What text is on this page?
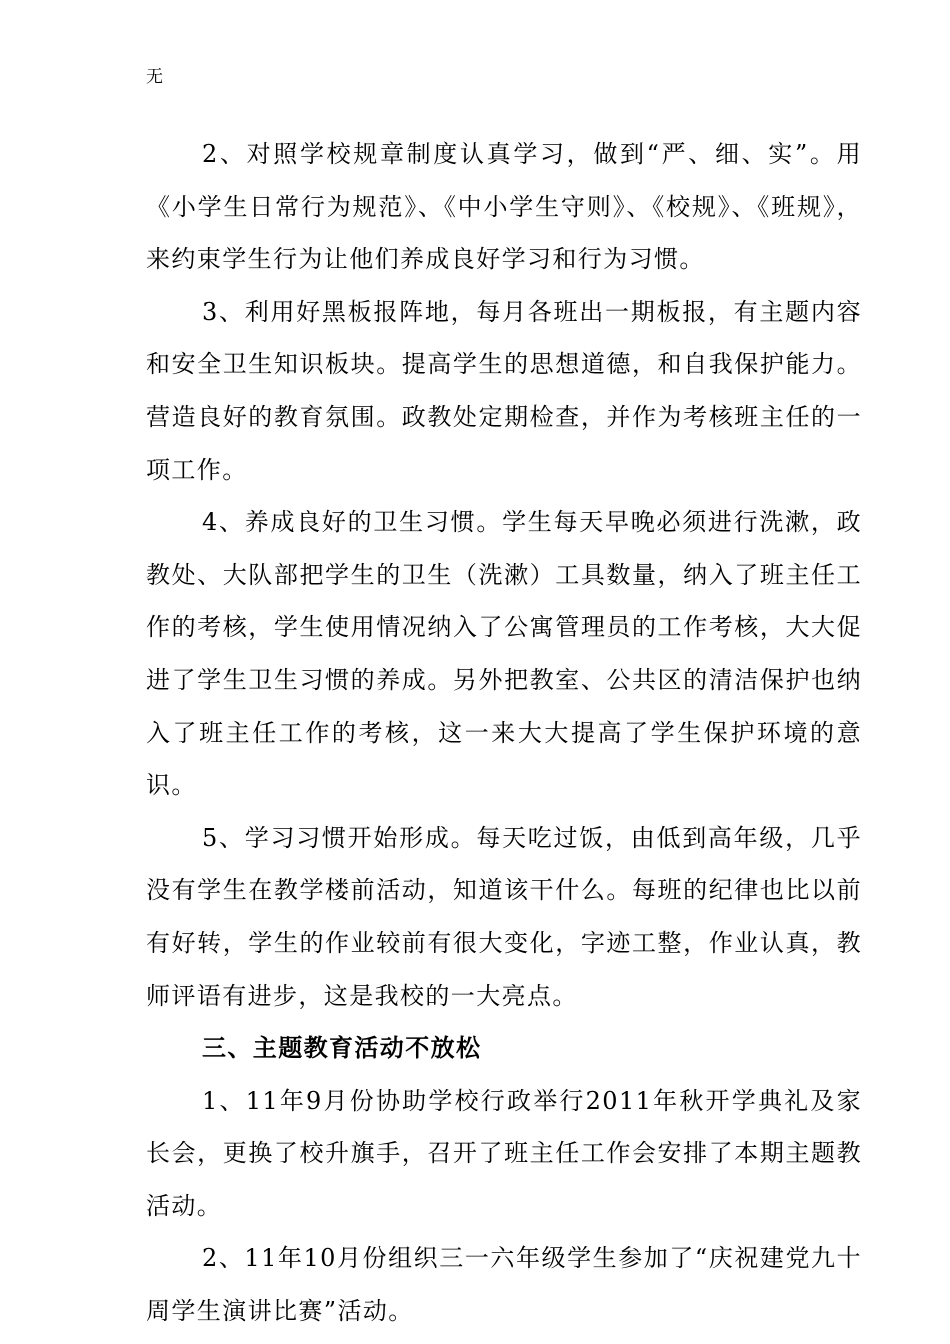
无

2、对照学校规章制度认真学习，做到“严、细、实”。用《小学生日常行为规范》、《中小学生守则》、《校规》、《班规》，来约束学生行为让他们养成良好学习和行为习惯。

3、利用好黑板报阵地，每月各班出一期板报，有主题内容和安全卫生知识板块。提高学生的思想道德，和自我保护能力。营造良好的教育氛围。政教处定期检查，并作为考核班主任的一项工作。

4、养成良好的卫生习惯。学生每天早晚必须进行洗漱，政教处、大队部把学生的卫生（洗漱）工具数量，纳入了班主任工作的考核，学生使用情况纳入了公寓管理员的工作考核，大大促进了学生卫生习惯的养成。另外把教室、公共区的清洁保护也纳入了班主任工作的考核，这一来大大提高了学生保护环境的意识。

5、学习习惯开始形成。每天吃过饭，由低到高年级，几乎没有学生在教学楼前活动，知道该干什么。每班的纪律也比以前有好转，学生的作业较前有很大变化，字迹工整，作业认真，教师评语有进步，这是我校的一大亮点。

三、主题教育活动不放松

1、11年9月份协助学校行政举行2011年秋开学典礼及家长会，更换了校升旗手，召开了班主任工作会安排了本期主题教活动。

2、11年10月份组织三一六年级学生参加了“庆祝建党九十周学生演讲比赛”活动。
